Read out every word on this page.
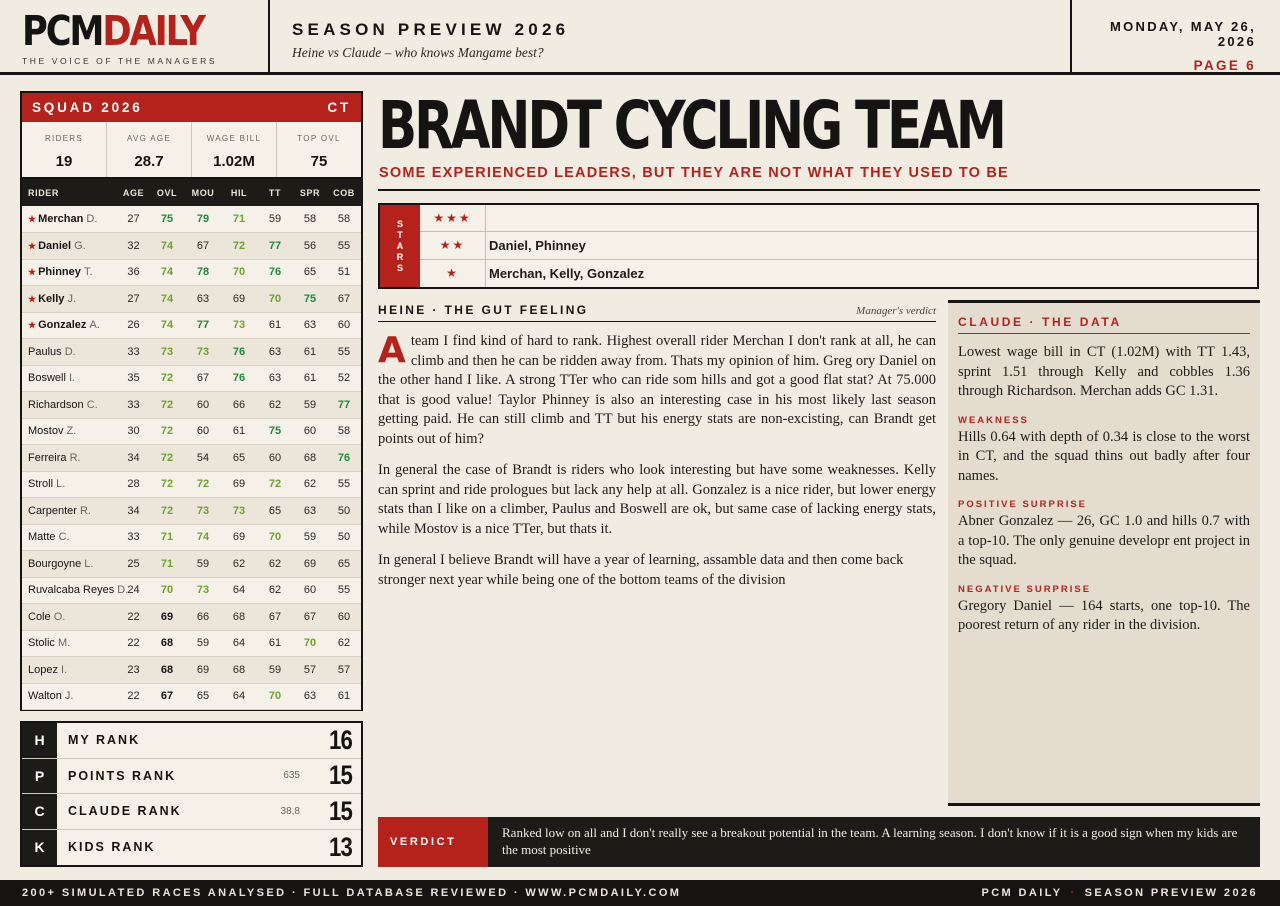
PCMDAILY
THE VOICE OF THE MANAGERS
SEASON PREVIEW 2026
Heine vs Claude – who knows Mangame best?
MONDAY, MAY 26, 2026
PAGE 6
SQUAD 2026	CT
RIDERS
19
AVG AGE
28.7
WAGE BILL
1.02M
TOP OVL
75
RIDER	AGE	OVL	MOU	HIL	TT	SPR	COB
★ Merchan D.	27	75	79	71	59	58	58
★ Daniel G.	32	74	67	72	77	56	55
★ Phinney T.	36	74	78	70	76	65	51
★ Kelly J.	27	74	63	69	70	75	67
★ Gonzalez A.	26	74	77	73	61	63	60
Paulus D.	33	73	73	76	63	61	55
Boswell I.	35	72	67	76	63	61	52
Richardson C.	33	72	60	66	62	59	77
Mostov Z.	30	72	60	61	75	60	58
Ferreira R.	34	72	54	65	60	68	76
Stroll L.	28	72	72	69	72	62	55
Carpenter R.	34	72	73	73	65	63	50
Matte C.	33	71	74	69	70	59	50
Bourgoyne L.	25	71	59	62	62	69	65
Ruvalcaba Reyes D.	24	70	73	64	62	60	55
Cole O.	22	69	66	68	67	67	60
Stolic M.	22	68	59	64	61	70	62
Lopez I.	23	68	69	68	59	57	57
Walton J.	22	67	65	64	70	63	61
H	MY RANK	16
P	POINTS RANK	635 15
C	CLAUDE RANK	38,8 15
K	KIDS RANK	13
BRANDT CYCLING TEAM
SOME EXPERIENCED LEADERS, BUT THEY ARE NOT WHAT THEY USED TO BE
S
T
A
R
S
★★★
★★	Daniel, Phinney
★	Merchan, Kelly, Gonzalez
HEINE · THE GUT FEELING	Manager's verdict

Ateam I find kind of hard to rank. Highest overall rider Merchan I don't rank at all, he can climb and then he can be ridden away from. Thats my opinion of him. Greg ory Daniel on the other hand I like. A strong TTer who can ride som hills and got a good flat stat? At 75.000 that is good value! Taylor Phinney is also an interesting case in his most likely last season getting paid. He can still climb and TT but his energy stats are non-excisting, can Brandt get points out of him?

In general the case of Brandt is riders who look interesting but have some weaknesses. Kelly can sprint and ride prologues but lack any help at all. Gonzalez is a nice rider, but lower energy stats than I like on a climber, Paulus and Boswell are ok, but same case of lacking energy stats, while Mostov is a nice TTer, but thats it.

In general I believe Brandt will have a year of learning, assamble data and then come back stronger next year while being one of the bottom teams of the division

CLAUDE · THE DATA

Lowest wage bill in CT (1.02M) with TT 1.43, sprint 1.51 through Kelly and cobbles 1.36 through Richardson. Merchan adds GC 1.31.

WEAKNESS

Hills 0.64 with depth of 0.34 is close to the worst in CT, and the squad thins out badly after four names.

POSITIVE SURPRISE

Abner Gonzalez — 26, GC 1.0 and hills 0.7 with a top-10. The only genuine developr ent project in the squad.

NEGATIVE SURPRISE

Gregory Daniel — 164 starts, one top-10. The poorest return of any rider in the division.

VERDICT
Ranked low on all and I don't really see a breakout potential in the team. A learning season. I don't know if it is a good sign when my kids are the most positive
200+ SIMULATED RACES ANALYSED · FULL DATABASE REVIEWED · WWW.PCMDAILY.COM	PCM DAILY · SEASON PREVIEW 2026
